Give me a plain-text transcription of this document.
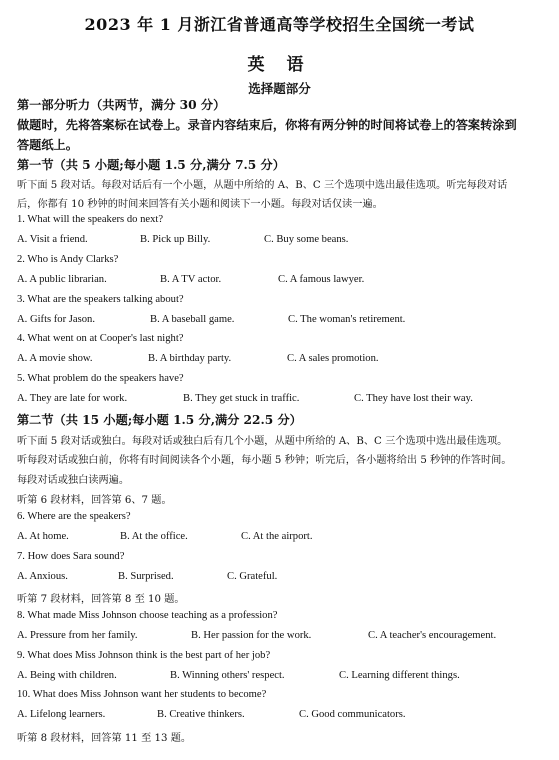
2023 年 1 月浙江省普通高等学校招生全国统一考试
英 语
选择题部分
第一部分听力（共两节，满分 30 分）
做题时，先将答案标在试卷上。录音内容结束后，你将有两分钟的时间将试卷上的答案转涂到
答题纸上。
第一节（共 5 小题;每小题 1.5 分,满分 7.5 分）
听下面 5 段对话。每段对话后有一个小题，从题中所给的 A、B、C 三个选项中选出最佳选项。听完每段对话
后，你都有 10 秒钟的时间来回答有关小题和阅读下一小题。每段对话仅读一遍。
1. What will the speakers do next?
A. Visit a friend.	B. Pick up Billy.	C. Buy some beans.
2. Who is Andy Clarks?
A. A public librarian.	B. A TV actor.	C. A famous lawyer.
3. What are the speakers talking about?
A. Gifts for Jason.	B. A baseball game.	C. The woman's retirement.
4. What went on at Cooper's last night?
A. A movie show.	B. A birthday party.	C. A sales promotion.
5. What problem do the speakers have?
A. They are late for work.	B. They get stuck in traffic.	C. They have lost their way.
第二节（共 15 小题;每小题 1.5 分,满分 22.5 分）
听下面 5 段对话或独白。每段对话或独白后有几个小题，从题中所给的 A、B、C 三个选项中选出最佳选项。
听每段对话或独白前，你将有时间阅读各个小题，每小题 5 秒钟；听完后，各小题将给出 5 秒钟的作答时间。
每段对话或独白读两遍。
听第 6 段材料，回答第 6、7 题。
6. Where are the speakers?
A. At home.	B. At the office.	C. At the airport.
7. How does Sara sound?
A. Anxious.	B. Surprised.	C. Grateful.
听第 7 段材料，回答第 8 至 10 题。
8. What made Miss Johnson choose teaching as a profession?
A. Pressure from her family.	B. Her passion for the work.	C. A teacher's encouragement.
9. What does Miss Johnson think is the best part of her job?
A. Being with children.	B. Winning others' respect.	C. Learning different things.
10. What does Miss Johnson want her students to become?
A. Lifelong learners.	B. Creative thinkers.	C. Good communicators.
听第 8 段材料，回答第 11 至 13 题。
